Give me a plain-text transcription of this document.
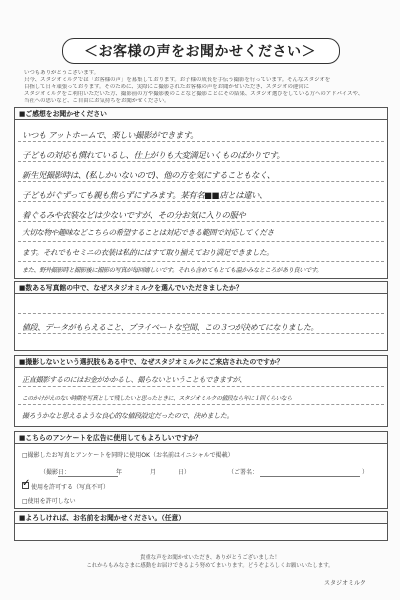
＜お客様の声をお聞かせください＞
いつもありがとうございます。
只今、スタジオミルクでは「お客様の声」を募集しております。お子様の成長を手伝う撮影を行っています。そんなスタジオを
目指して日々頑張っております。そのために、実際にご撮影されたお客様の声をお聞かせいただき、スタジオの運営に
スタジオミルクをご利用いただいた方、撮影前の方や撮影後のことなど撮影ごとにその結果、スタジオ選びをしている方へのアドバイスや、
当社への思いなど、ご自由にお気持ちをお聞かせください。
■ご感想をお聞かせください
いつも アットホームで、楽しい撮影ができます。
子どもの対応も慣れているし、仕上がりも大変満足いくものばかりです。
新生児撮影時は、(私しかいないので)、他の方を気にすることもなく、
子どもがぐずっても親も焦らずにすみます。某有名■■店とは違い、
着ぐるみや衣装などは少ないですが、その分お気に入りの服や
大切な物や趣味などこちらの希望することは対応できる範囲で対応してくださ
ます。それでもセミニの衣装は私的にはすて取り揃えており満足できました。
また、野外撮影時と撮影後に撮影の写真が毎回嬉しいです。それら含めてもとても温かみなところがあり良いです。
■数ある写真館の中で、なぜスタジオミルクを選んでいただきましたか？
値段、データがもらえること、プライベートな空間、この３つが決めてになりました。
■撮影しないという選択肢もある中で、なぜスタジオミルクにご来店されたのですか？
正直撮影するのにはお金がかかるし、撮らないということもできますが、
このかけがえのない時期を写真として残したいと思ったときに、スタジオミルクの値段なら年に１回くらいなら
撮ろうかなと思えるような良心的な値段設定だったので、決めました。
■こちらのアンケートを広告に使用してもよろしいですか？
□撮影したお写真とアンケートを同時に使用OK（お名前はイニシャルで掲載）
（撮影日：	年	月	日）	（ご署名：	）
✓
使用を許可する（写真不可）
□使用を許可しない
■よろしければ、お名前をお聞かせください。（任意）
貴重な声をお聞かせいただき、ありがとうございました！
これからもみなさまに感動をお届けできるよう努めてまいります。どうぞよろしくお願いいたします。
スタジオミルク
